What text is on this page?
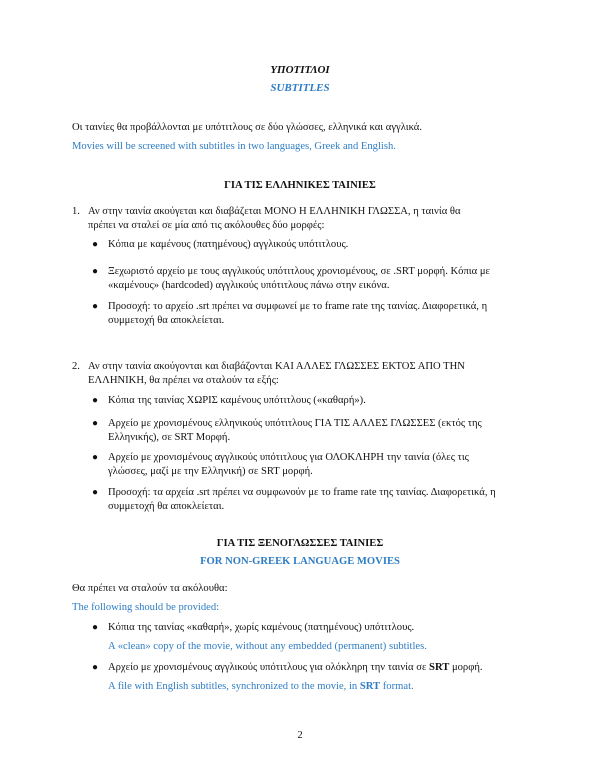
ΥΠΟΤΙΤΛΟΙ
SUBTITLES
Οι ταινίες θα προβάλλονται με υπότιτλους σε δύο γλώσσες, ελληνικά και αγγλικά.
Movies will be screened with subtitles in two languages, Greek and English.
ΓΙΑ ΤΙΣ ΕΛΛΗΝΙΚΕΣ ΤΑΙΝΙΕΣ
1. Αν στην ταινία ακούγεται και διαβάζεται ΜΟΝΟ Η ΕΛΛΗΝΙΚΗ ΓΛΩΣΣΑ, η ταινία θα
πρέπει να σταλεί σε μία από τις ακόλουθες δύο μορφές:
● Κόπια με καμένους (πατημένους) αγγλικούς υπότιτλους.
● Ξεχωριστό αρχείο με τους αγγλικούς υπότιτλους χρονισμένους, σε .SRT μορφή. Κόπια με
«καμένους» (hardcoded) αγγλικούς υπότιτλους πάνω στην εικόνα.
● Προσοχή: το αρχείο .srt πρέπει να συμφωνεί με το frame rate της ταινίας. Διαφορετικά, η
συμμετοχή θα αποκλείεται.
2. Αν στην ταινία ακούγονται και διαβάζονται ΚΑΙ ΑΛΛΕΣ ΓΛΩΣΣΕΣ ΕΚΤΟΣ ΑΠΟ ΤΗΝ
ΕΛΛΗΝΙΚΗ, θα πρέπει να σταλούν τα εξής:
● Κόπια της ταινίας ΧΩΡΙΣ καμένους υπότιτλους («καθαρή»).
● Αρχείο με χρονισμένους ελληνικούς υπότιτλους ΓΙΑ ΤΙΣ ΑΛΛΕΣ ΓΛΩΣΣΕΣ (εκτός της
Ελληνικής), σε SRT Μορφή.
● Αρχείο με χρονισμένους αγγλικούς υπότιτλους για ΟΛΟΚΛΗΡΗ την ταινία (όλες τις
γλώσσες, μαζί με την Ελληνική) σε SRT μορφή.
● Προσοχή: τα αρχεία .srt πρέπει να συμφωνούν με το frame rate της ταινίας. Διαφορετικά, η
συμμετοχή θα αποκλείεται.
ΓΙΑ ΤΙΣ ΞΕΝΟΓΛΩΣΣΕΣ ΤΑΙΝΙΕΣ
FOR NON-GREEK LANGUAGE MOVIES
Θα πρέπει να σταλούν τα ακόλουθα:
The following should be provided:
● Κόπια της ταινίας «καθαρή», χωρίς καμένους (πατημένους) υπότιτλους.
A «clean» copy of the movie, without any embedded (permanent) subtitles.
● Αρχείο με χρονισμένους αγγλικούς υπότιτλους για ολόκληρη την ταινία σε SRT μορφή.
A file with English subtitles, synchronized to the movie, in SRT format.
2
